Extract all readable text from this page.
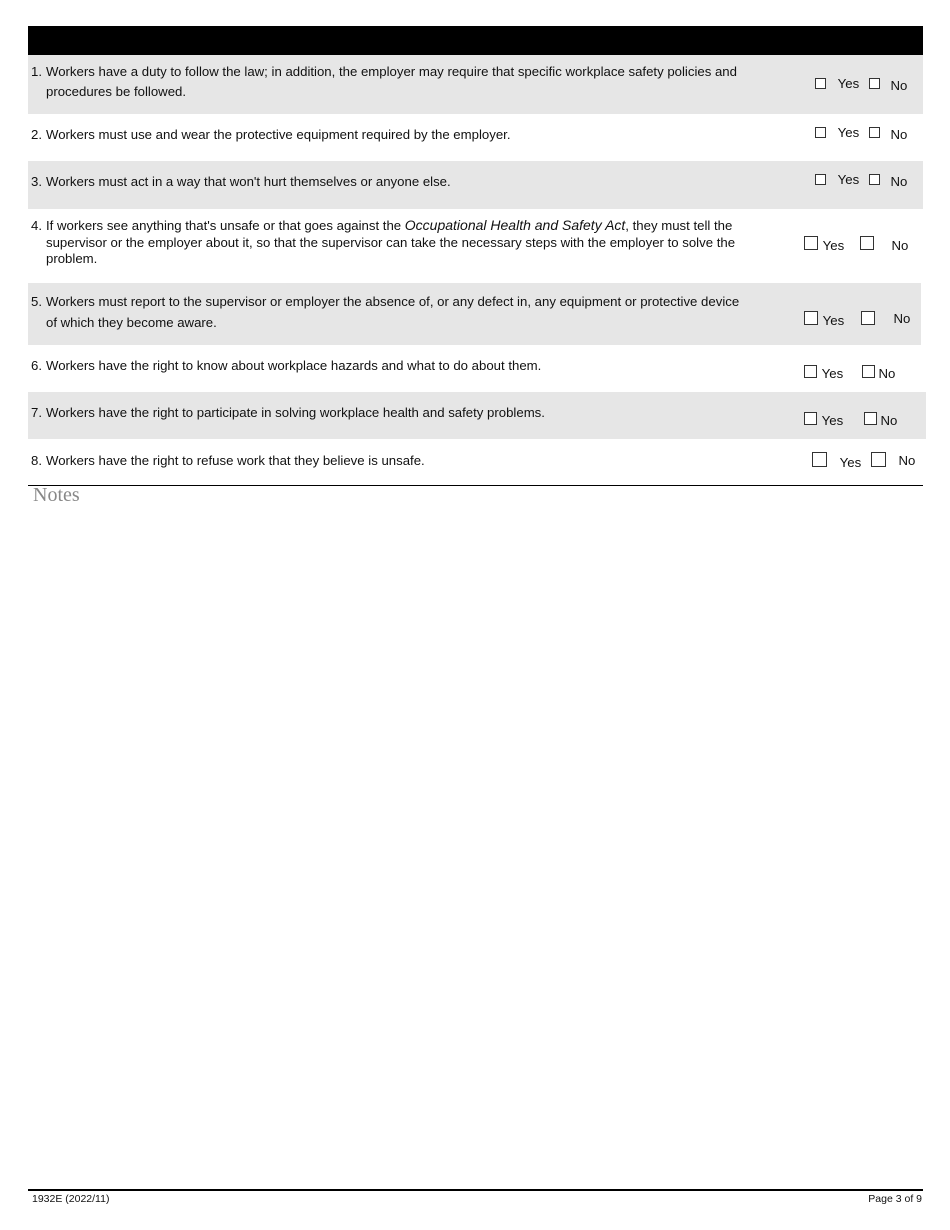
1. Workers have a duty to follow the law; in addition, the employer may require that specific workplace safety policies and
procedures be followed.
Yes No
2. Workers must use and wear the protective equipment required by the employer.	Yes No
3. Workers must act in a way that won't hurt themselves or anyone else.	Yes No
4. If workers see anything that's unsafe or that goes against the Occupational Health and Safety Act, they must tell the
supervisor or the employer about it, so that the supervisor can take the necessary steps with the employer to solve the
problem.
Yes	No
5. Workers must report to the supervisor or employer the absence of, or any defect in, any equipment or protective device
of which they become aware.	Yes	No
6. Workers have the right to know about workplace hazards and what to do about them.
Yes	No
7. Workers have the right to participate in solving workplace health and safety problems.
Yes	No
8. Workers have the right to refuse work that they believe is unsafe.	Yes	No
Notes
1932E (2022/11)	Page 3 of 9
